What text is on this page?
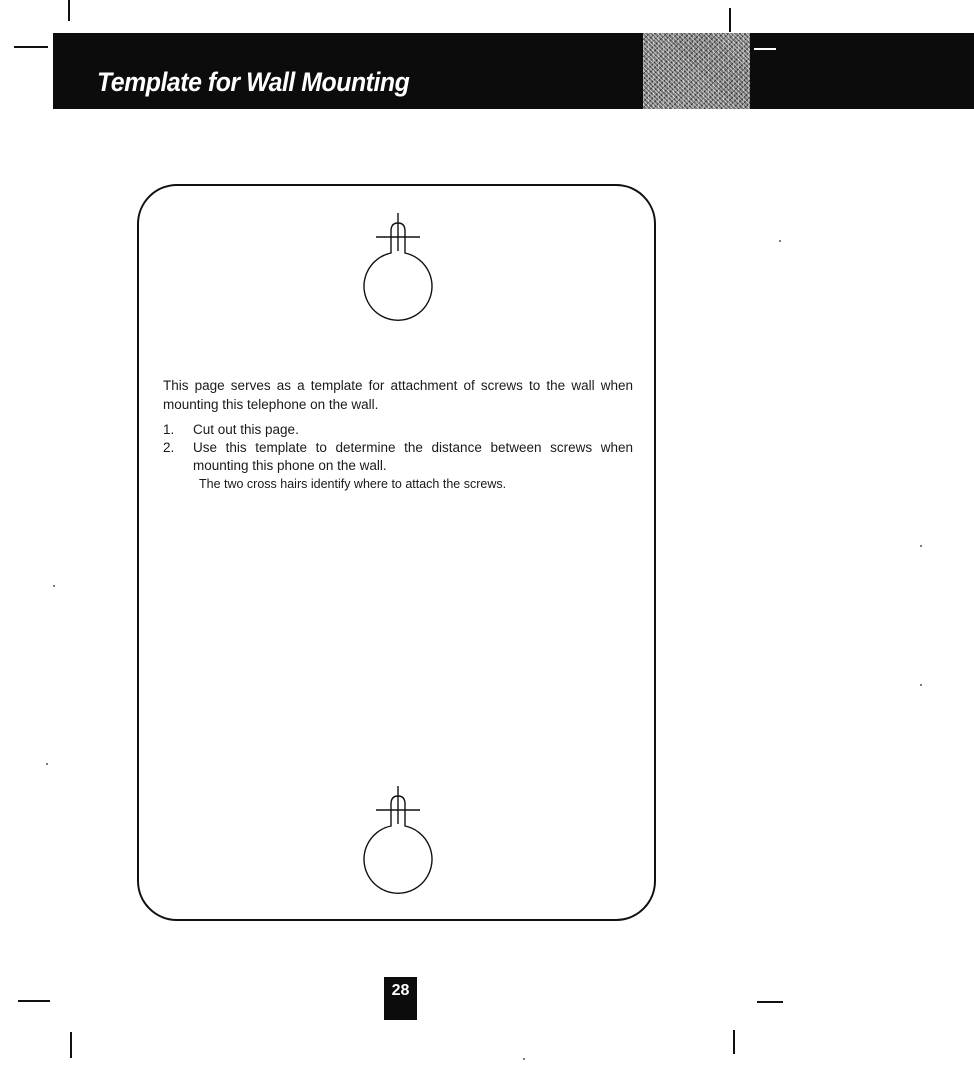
Template for Wall Mounting

This page serves as a template for attachment of screws to the wall when mounting this telephone on the wall.

1.	Cut out this page.
2.	Use this template to determine the distance between screws when mounting this phone on the wall.
The two cross hairs identify where to attach the screws.
28
